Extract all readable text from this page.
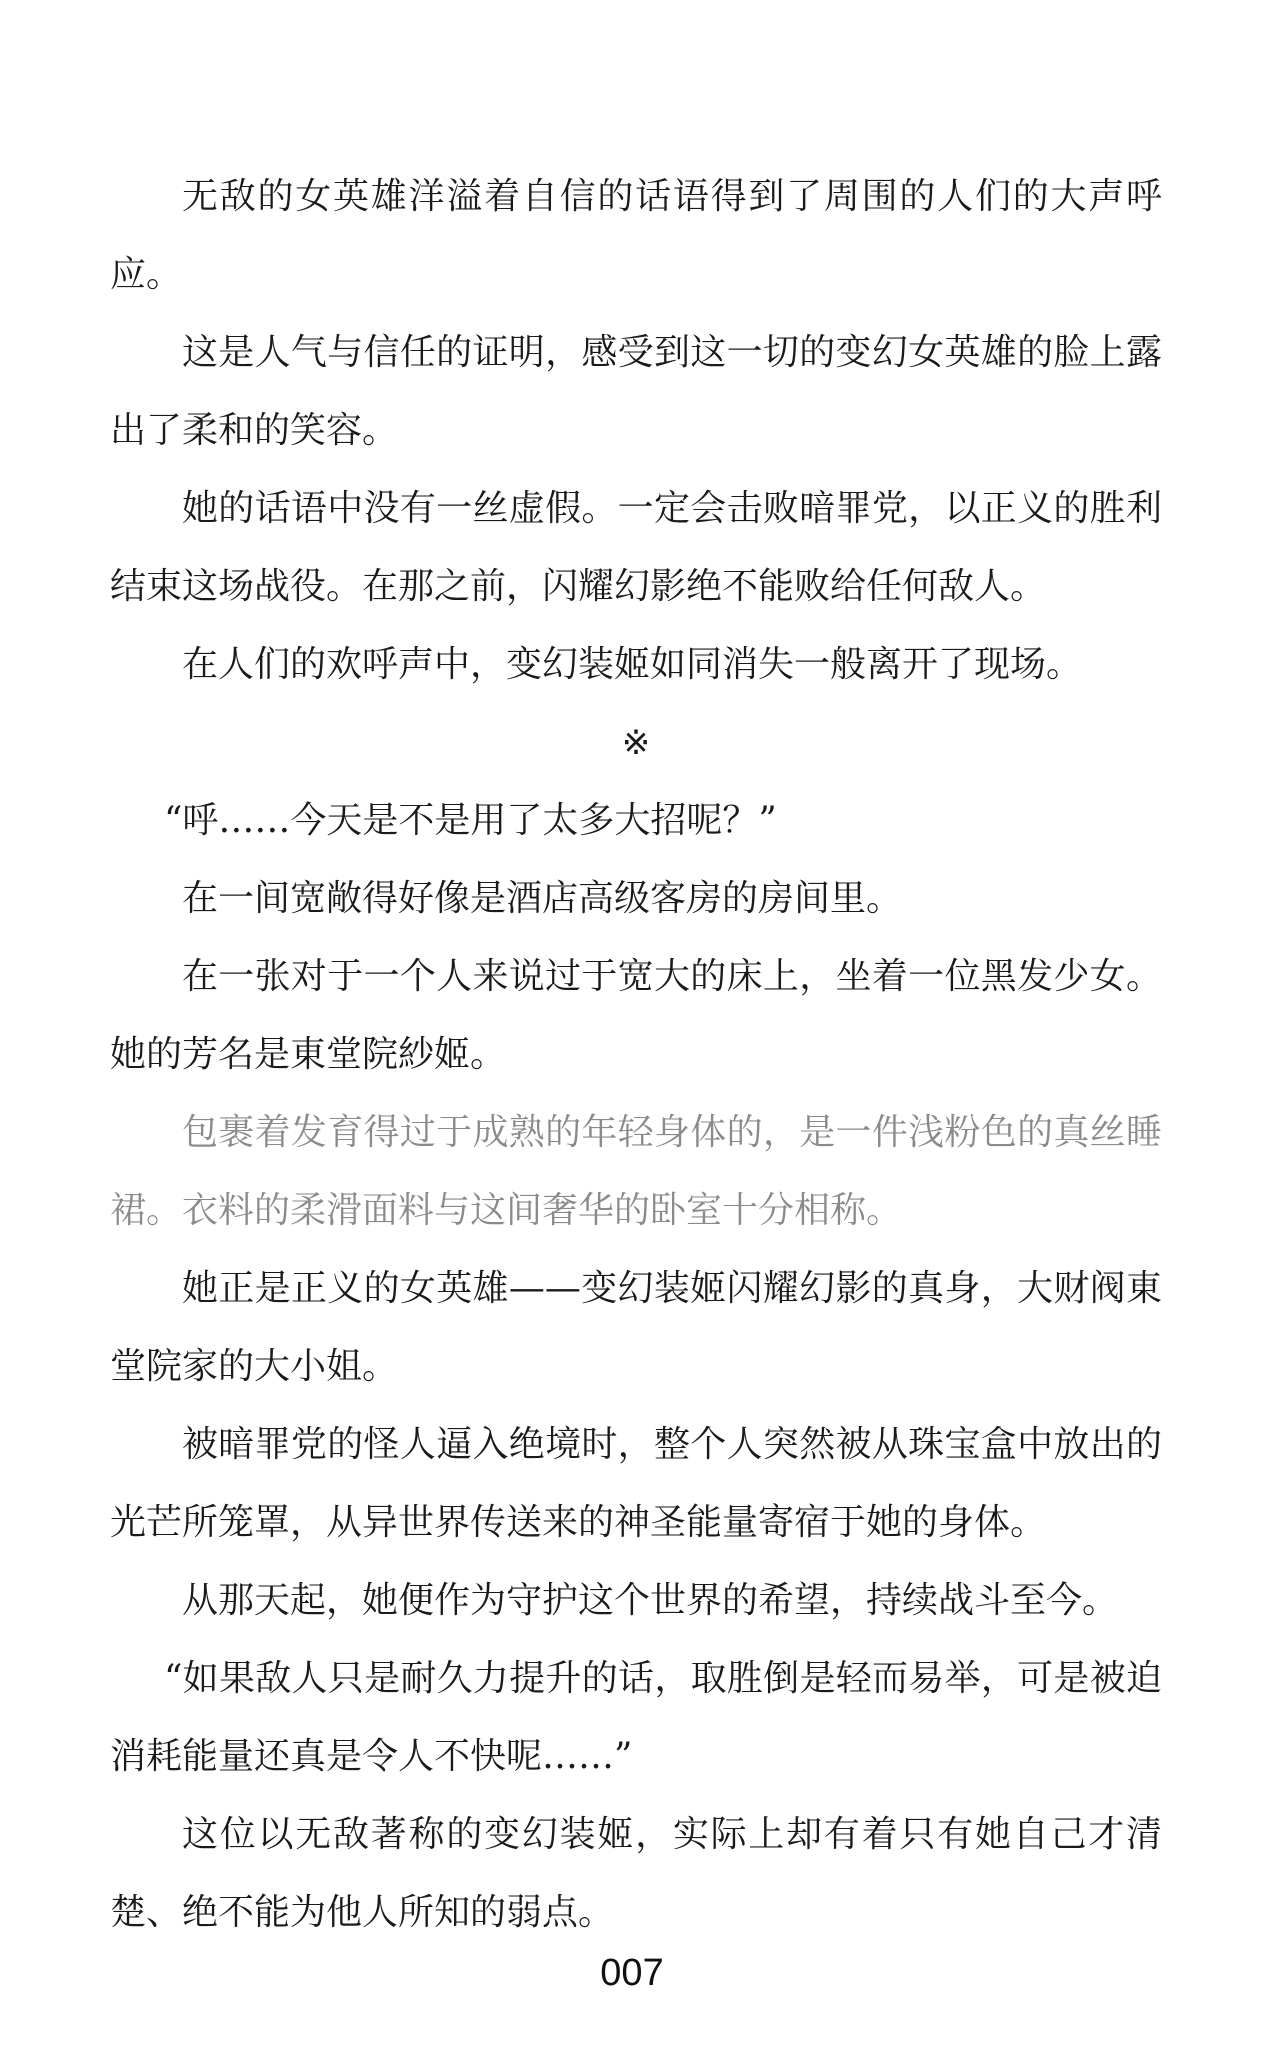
无敌的女英雄洋溢着自信的话语得到了周围的人们的大声呼应。

这是人气与信任的证明，感受到这一切的变幻女英雄的脸上露出了柔和的笑容。

她的话语中没有一丝虚假。一定会击败暗罪党，以正义的胜利结束这场战役。在那之前，闪耀幻影绝不能败给任何敌人。

在人们的欢呼声中，变幻装姬如同消失一般离开了现场。

※

“呼……今天是不是用了太多大招呢？”

在一间宽敞得好像是酒店高级客房的房间里。

在一张对于一个人来说过于宽大的床上，坐着一位黑发少女。她的芳名是東堂院紗姬。

包裹着发育得过于成熟的年轻身体的，是一件浅粉色的真丝睡裙。衣料的柔滑面料与这间奢华的卧室十分相称。

她正是正义的女英雄——变幻装姬闪耀幻影的真身，大财阀東堂院家的大小姐。

被暗罪党的怪人逼入绝境时，整个人突然被从珠宝盒中放出的光芒所笼罩，从异世界传送来的神圣能量寄宿于她的身体。

从那天起，她便作为守护这个世界的希望，持续战斗至今。

“如果敌人只是耐久力提升的话，取胜倒是轻而易举，可是被迫消耗能量还真是令人不快呢……”

这位以无敌著称的变幻装姬，实际上却有着只有她自己才清楚、绝不能为他人所知的弱点。

007
